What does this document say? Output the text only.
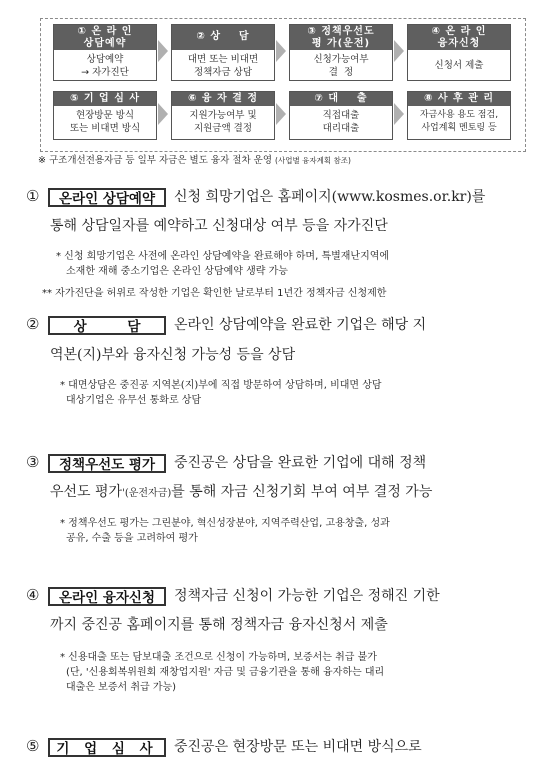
① 온 라 인
상담예약
상담예약
→ 자가진단
② 상    담
대면 또는 비대면
정책자금 상담
③ 정책우선도
평 가(운전)
신청가능여부
결  정
④ 온 라 인
융자신청
신청서 제출
⑤ 기 업 심 사
현장방문 방식
또는 비대면 방식
⑥ 융 자 결 정
지원가능여부 및
지원금액 결정
⑦ 대    출
직접대출
대리대출
⑧ 사 후 관 리
자금사용 용도 점검,
사업계획 멘토링 등
※ 구조개선전용자금 등 일부 자금은 별도 융자 절차 운영 (사업별 융자계획 참조)
① 온라인 상담예약 신청 희망기업은 홈페이지(www.kosmes.or.kr)를
통해 상담일자를 예약하고 신청대상 여부 등을 자가진단
* 신청 희망기업은 사전에 온라인 상담예약을 완료해야 하며, 특별재난지역에
소재한 재해 중소기업은 온라인 상담예약 생략 가능
** 자가진단을 허위로 작성한 기업은 확인한 날로부터 1년간 정책자금 신청제한
②	상 담 온라인 상담예약을 완료한 기업은 해당 지
역본(지)부와 융자신청 가능성 등을 상담
* 대면상담은 중진공 지역본(지)부에 직접 방문하여 상담하며, 비대면 상담
대상기업은 유무선 통화로 상담
③ 정책우선도 평가 중진공은 상담을 완료한 기업에 대해 정책
우선도 평가'(운전자금)를 통해 자금 신청기회 부여 여부 결정 가능
* 정책우선도 평가는 그린분야, 혁신성장분야, 지역주력산업, 고용창출, 성과
공유, 수출 등을 고려하여 평가
④ 온라인 융자신청 정책자금 신청이 가능한 기업은 정해진 기한
까지 중진공 홈페이지를 통해 정책자금 융자신청서 제출
* 신용대출 또는 담보대출 조건으로 신청이 가능하며, 보증서는 취급 불가
(단, '신용회복위원회 재창업지원' 자금 및 금융기관을 통해 융자하는 대리
대출은 보증서 취급 가능)
⑤ 기 업 심 사 중진공은 현장방문 또는 비대면 방식으로
